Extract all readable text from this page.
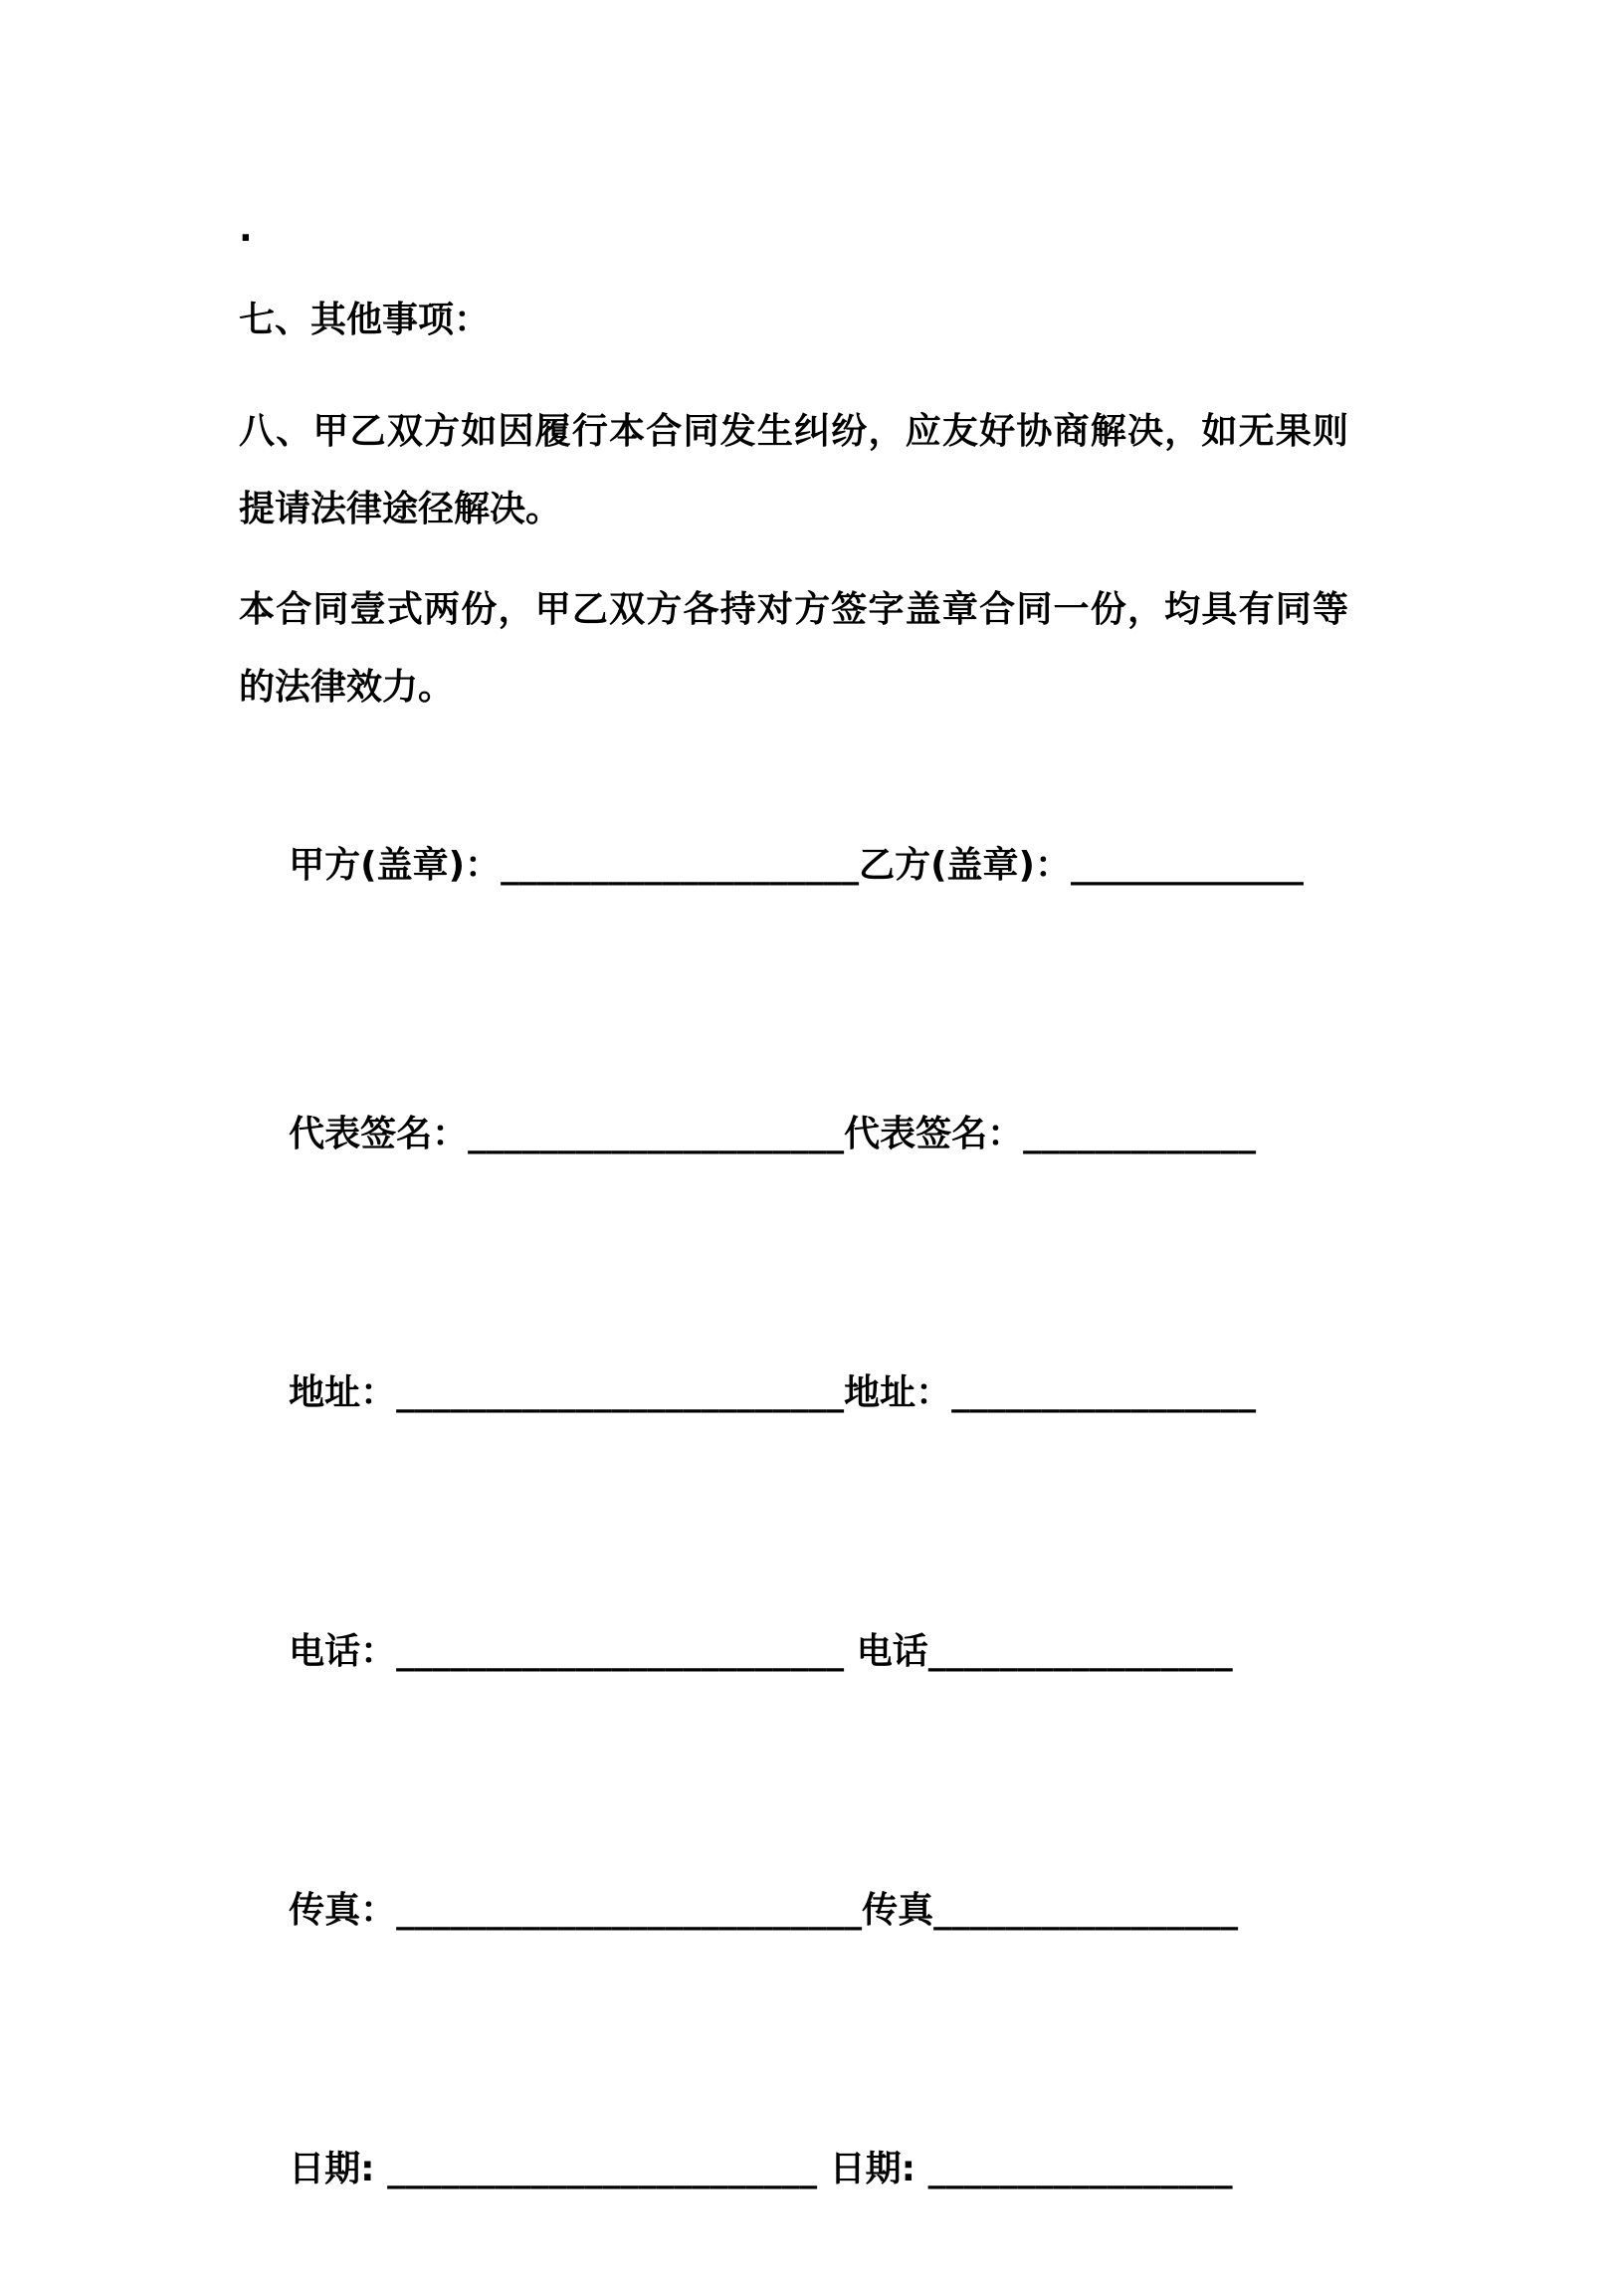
.

七、其他事项：

八、甲乙双方如因履行本合同发生纠纷，应友好协商解决，如无果则
提请法律途径解决。
本合同壹式两份，甲乙双方各持对方签字盖章合同一份，均具有同等
的法律效力。

甲方(盖章)：____________________乙方(盖章)：_____________

代表签名：_____________________代表签名：_____________

地址：_________________________地址：_________________

电话：_________________________ 电话_________________

传真：__________________________传真_________________

日期: ________________________ 日期: _________________
